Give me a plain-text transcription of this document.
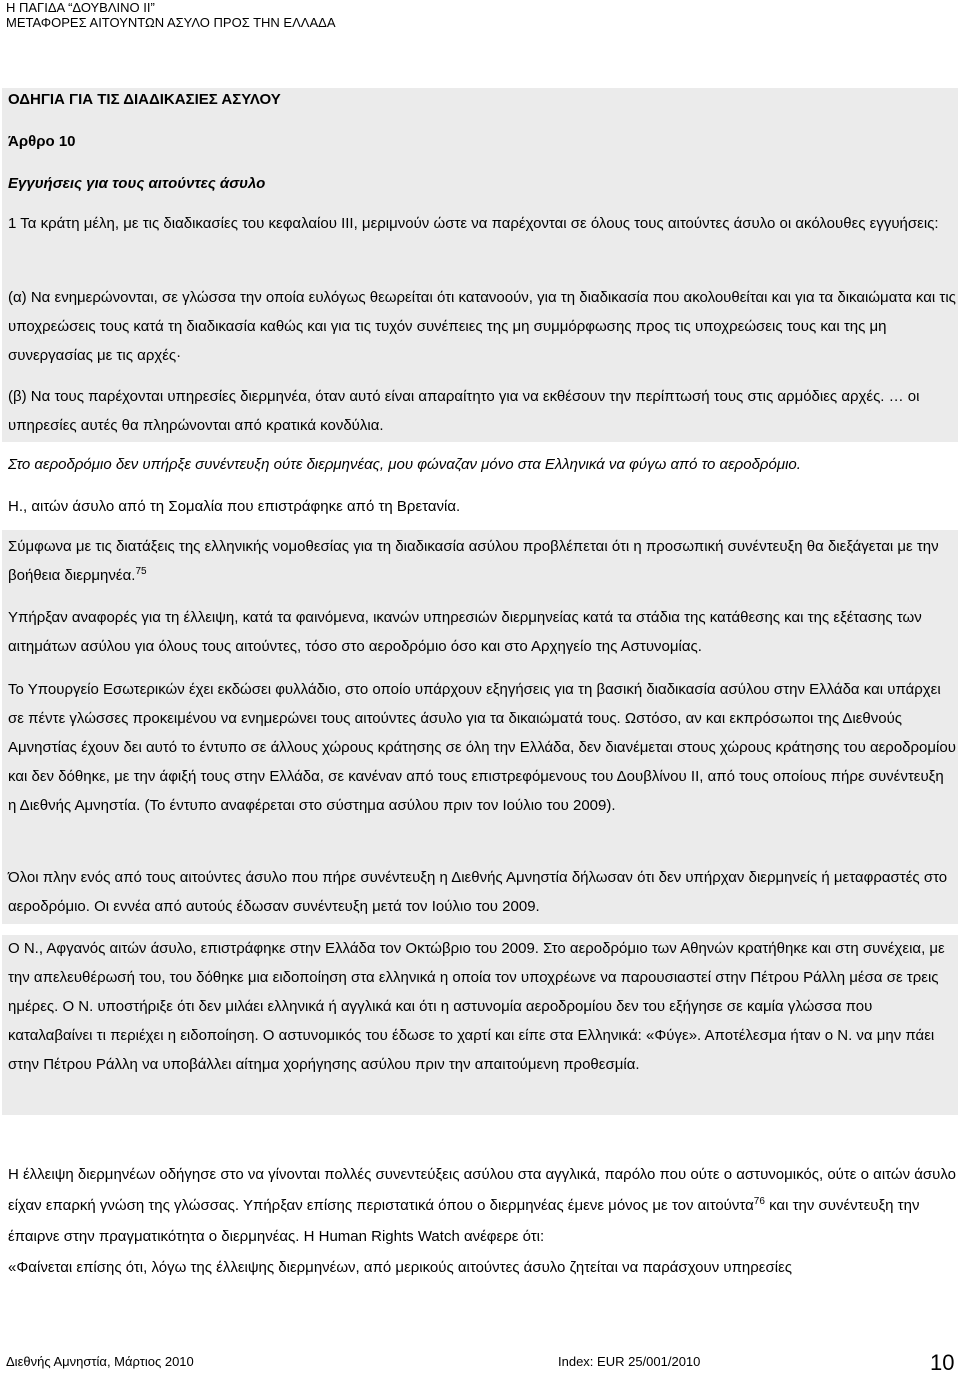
Η ΠΑΓΙΔΑ “ΔΟΥΒΛΙΝΟ ΙΙ”
ΜΕΤΑΦΟΡΕΣ ΑΙΤΟΥΝΤΩΝ ΑΣΥΛΟ ΠΡΟΣ ΤΗΝ ΕΛΛΑΔΑ
ΟΔΗΓΙΑ ΓΙΑ ΤΙΣ ΔΙΑΔΙΚΑΣΙΕΣ ΑΣΥΛΟΥ
Άρθρο 10
Εγγυήσεις για τους αιτούντες άσυλο
1 Τα κράτη μέλη, με τις διαδικασίες του κεφαλαίου ΙΙΙ, μεριμνούν ώστε να παρέχονται σε όλους τους αιτούντες άσυλο οι ακόλουθες εγγυήσεις:
(α) Να ενημερώνονται, σε γλώσσα την οποία ευλόγως θεωρείται ότι κατανοούν, για τη διαδικασία που ακολουθείται και για τα δικαιώματα και τις υποχρεώσεις τους κατά τη διαδικασία καθώς και για τις τυχόν συνέπειες της μη συμμόρφωσης προς τις υποχρεώσεις τους και της μη συνεργασίας με τις αρχές·
(β) Να τους παρέχονται υπηρεσίες διερμηνέα, όταν αυτό είναι απαραίτητο για να εκθέσουν την περίπτωσή τους στις αρμόδιες αρχές. … οι υπηρεσίες αυτές θα πληρώνονται από κρατικά κονδύλια.
Στο αεροδρόμιο δεν υπήρξε συνέντευξη ούτε διερμηνέας, μου φώναζαν μόνο στα Ελληνικά να φύγω από το αεροδρόμιο.
Η., αιτών άσυλο από τη Σομαλία που επιστράφηκε από τη Βρετανία.
Σύμφωνα με τις διατάξεις της ελληνικής νομοθεσίας για τη διαδικασία ασύλου προβλέπεται ότι η προσωπική συνέντευξη θα διεξάγεται με την βοήθεια διερμηνέα.$^{75}$
Υπήρξαν αναφορές για τη έλλειψη, κατά τα φαινόμενα, ικανών υπηρεσιών διερμηνείας κατά τα στάδια της κατάθεσης και της εξέτασης των αιτημάτων ασύλου για όλους τους αιτούντες, τόσο στο αεροδρόμιο όσο και στο Αρχηγείο της Αστυνομίας.
Το Υπουργείο Εσωτερικών έχει εκδώσει φυλλάδιο, στο οποίο υπάρχουν εξηγήσεις για τη βασική διαδικασία ασύλου στην Ελλάδα και υπάρχει σε πέντε γλώσσες προκειμένου να ενημερώνει τους αιτούντες άσυλο για τα δικαιώματά τους. Ωστόσο, αν και εκπρόσωποι της Διεθνούς Αμνηστίας έχουν δει αυτό το έντυπο σε άλλους χώρους κράτησης σε όλη την Ελλάδα, δεν διανέμεται στους χώρους κράτησης του αεροδρομίου και δεν δόθηκε, με την άφιξή τους στην Ελλάδα, σε κανέναν από τους επιστρεφόμενους του Δουβλίνου ΙΙ, από τους οποίους πήρε συνέντευξη η Διεθνής Αμνηστία. (Το έντυπο αναφέρεται στο σύστημα ασύλου πριν τον Ιούλιο του 2009).
Όλοι πλην ενός από τους αιτούντες άσυλο που πήρε συνέντευξη η Διεθνής Αμνηστία δήλωσαν ότι δεν υπήρχαν διερμηνείς ή μεταφραστές στο αεροδρόμιο. Οι εννέα από αυτούς έδωσαν συνέντευξη μετά τον Ιούλιο του 2009.
Ο Ν., Αφγανός αιτών άσυλο, επιστράφηκε στην Ελλάδα τον Οκτώβριο του 2009. Στο αεροδρόμιο των Αθηνών κρατήθηκε και στη συνέχεια, με την απελευθέρωσή του, του δόθηκε μια ειδοποίηση στα ελληνικά η οποία τον υποχρέωνε να παρουσιαστεί στην Πέτρου Ράλλη μέσα σε τρεις ημέρες. Ο Ν. υποστήριξε ότι δεν μιλάει ελληνικά ή αγγλικά και ότι η αστυνομία αεροδρομίου δεν του εξήγησε σε καμία γλώσσα που καταλαβαίνει τι περιέχει η ειδοποίηση. Ο αστυνομικός του έδωσε το χαρτί και είπε στα Ελληνικά: «Φύγε». Αποτέλεσμα ήταν ο Ν. να μην πάει στην Πέτρου Ράλλη να υποβάλλει αίτημα χορήγησης ασύλου πριν την απαιτούμενη προθεσμία.
Η έλλειψη διερμηνέων οδήγησε στο να γίνονται πολλές συνεντεύξεις ασύλου στα αγγλικά, παρόλο που ούτε ο αστυνομικός, ούτε ο αιτών άσυλο είχαν επαρκή γνώση της γλώσσας. Υπήρξαν επίσης περιστατικά όπου ο διερμηνέας έμενε μόνος με τον αιτούντα$^{76}$ και την συνέντευξη την έπαιρνε στην πραγματικότητα ο διερμηνέας. Η Human Rights Watch ανέφερε ότι:
«Φαίνεται επίσης ότι, λόγω της έλλειψης διερμηνέων, από μερικούς αιτούντες άσυλο ζητείται να παράσχουν υπηρεσίες
Διεθνής Αμνηστία, Μάρτιος 2010	Index: EUR 25/001/2010	10
